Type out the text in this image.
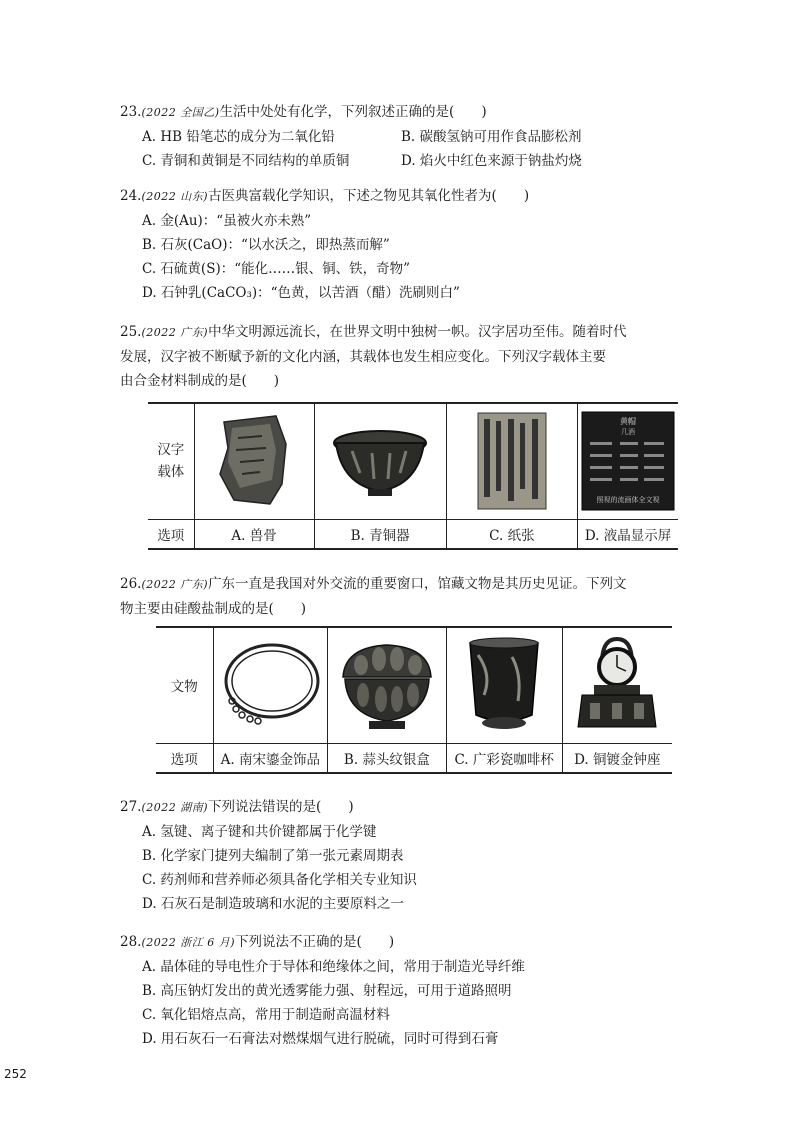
23.(2022 全国乙)生活中处处有化学，下列叙述正确的是(　　)
A. HB 铅笔芯的成分为二氧化铅	B. 碳酸氢钠可用作食品膨松剂
C. 青铜和黄铜是不同结构的单质铜	D. 焰火中红色来源于钠盐灼烧
24.(2022 山东)古医典富载化学知识，下述之物见其氧化性者为(　　)
A. 金(Au)：“虽被火亦未熟”
B. 石灰(CaO)：“以水沃之，即热蒸而解”
C. 石硫黄(S)：“能化……银、铜、铁，奇物”
D. 石钟乳(CaCO₃)：“色黄，以苦酒（醋）洗刷则白”
25.(2022 广东)中华文明源远流长，在世界文明中独树一帜。汉字居功至伟。随着时代
发展，汉字被不断赋予新的文化内涵，其载体也发生相应变化。下列汉字载体主要
由合金材料制成的是(　　)
汉字载体				黄帽
几酒
照视的流画体全文视

选项	A. 兽骨	B. 青铜器	C. 纸张	D. 液晶显示屏
26.(2022 广东)广东一直是我国对外交流的重要窗口，馆藏文物是其历史见证。下列文
物主要由硅酸盐制成的是(　　)
文物	

选项	A. 南宋鎏金饰品	B. 蒜头纹银盒	C. 广彩瓷咖啡杯	D. 铜镀金钟座
27.(2022 湖南)下列说法错误的是(　　)
A. 氢键、离子键和共价键都属于化学键
B. 化学家门捷列夫编制了第一张元素周期表
C. 药剂师和营养师必须具备化学相关专业知识
D. 石灰石是制造玻璃和水泥的主要原料之一
28.(2022 浙江 6 月)下列说法不正确的是(　　)
A. 晶体硅的导电性介于导体和绝缘体之间，常用于制造光导纤维
B. 高压钠灯发出的黄光透雾能力强、射程远，可用于道路照明
C. 氧化铝熔点高，常用于制造耐高温材料
D. 用石灰石一石膏法对燃煤烟气进行脱硫，同时可得到石膏
252
